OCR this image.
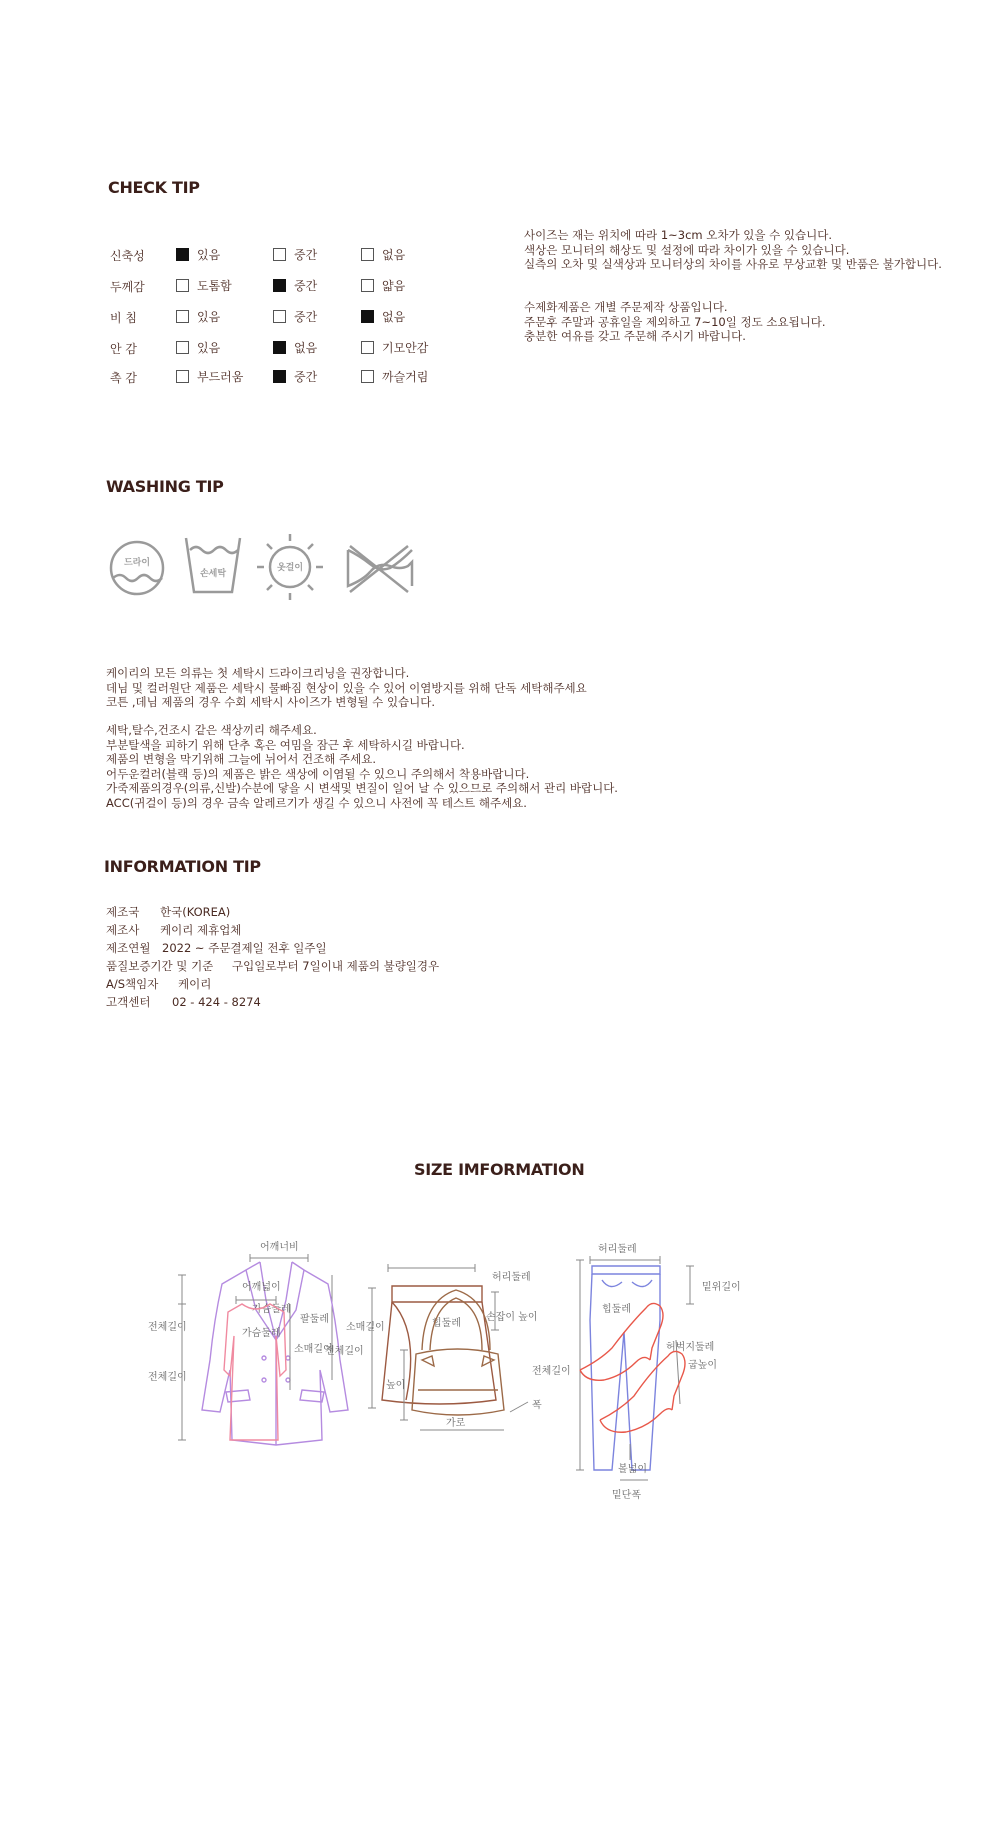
CHECK TIP
신축성	있음	중간	없음
두께감	도톰함	중간	얇음
비 침	있음	중간	없음
안 감	있음	없음	기모안감
촉 감	부드러움	중간	까슬거림
사이즈는 재는 위치에 따라 1~3cm 오차가 있을 수 있습니다.
색상은 모니터의 해상도 및 설정에 따라 차이가 있을 수 있습니다.
실측의 오차 및 실색상과 모니터상의 차이를 사유로 무상교환 및 반품은 불가합니다.
수제화제품은 개별 주문제작 상품입니다.
주문후 주말과 공휴일을 제외하고 7~10일 정도 소요됩니다.
충분한 여유를 갖고 주문해 주시기 바랍니다.
WASHING TIP
드라이
손세탁
옷걸이
케이리의 모든 의류는 첫 세탁시 드라이크리닝을 권장합니다.
데님 및 컬러원단 제품은 세탁시 물빠짐 현상이 있을 수 있어 이염방지를 위해 단독 세탁해주세요
코튼 ,데님 제품의 경우 수회 세탁시 사이즈가 변형될 수 있습니다.
세탁,탈수,건조시 같은 색상끼리 해주세요.
부분탈색을 피하기 위해 단추 혹은 여밈을 잠근 후 세탁하시길 바랍니다.
제품의 변형을 막기위해 그늘에 뉘어서 건조해 주세요.
어두운컬러(블랙 등)의 제품은 밝은 색상에 이염될 수 있으니 주의해서 착용바랍니다.
가죽제품의경우(의류,신발)수분에 닿을 시 변색및 변질이 일어 날 수 있으므로 주의해서 관리 바랍니다.
ACC(귀걸이 등)의 경우 금속 알레르기가 생길 수 있으니 사전에 꼭 테스트 해주세요.
INFORMATION TIP
제조국 한국(KOREA)
제조사 케이리 제휴업체
제조연월 2022 ~ 주문결제일 전후 일주일
품질보증기간 및 기준 구입일로부터 7일이내 제품의 불량일경우
A/S책임자 케이리
고객센터 02 - 424 - 8274
SIZE IMFORMATION
어깨너비
가슴둘레
팔둘레
소매길이
전체길이
허리둘레
힙둘레
전체길이
허리둘레
밑위길이
힙둘레
허벅지둘레
전체길이
밑단폭
어깨넓이
가슴둘레
소매길이
전체길이
손잡이 높이
높이
가로
폭
굽높이
볼넓이
